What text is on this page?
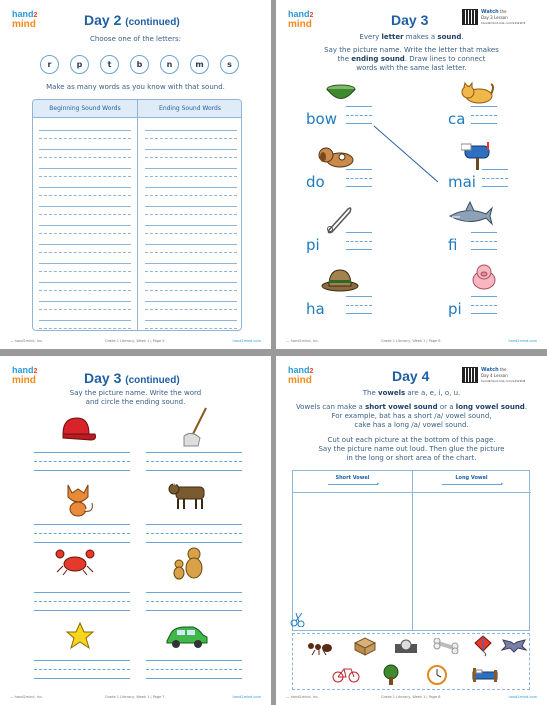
hand2
mind	Day 2 (continued)
Choose one of the letters:
r	p	t	b	n	m	s
Make as many words as you know with that sound.
Beginning Sound Words	Ending Sound Words
— hand2mind, Inc.	Grade 1 Literacy, Week 1 | Page 5	hand2mind.com
hand2
mind	Day 3	Watch the
Day 3 Lesson
hand2mind-link.com/L1W1D3
Every letter makes a sound.
Say the picture name. Write the letter that makes
the ending sound. Draw lines to connect
words with the same last letter.
bow
do
pi
ha
ca
mai
fi
pi
— hand2mind, Inc.	Grade 1 Literacy, Week 1 | Page 6	hand2mind.com
hand2
mind	Day 3 (continued)
Say the picture name. Write the word
and circle the ending sound.
— hand2mind, Inc.	Grade 1 Literacy, Week 1 | Page 7	hand2mind.com
hand2
mind	Day 4	Watch the
Day 4 Lesson
hand2mind-link.com/L1W1D4
The vowels are a, e, i, o, u.
Vowels can make a short vowel sound or a long vowel sound.
For example, bat has a short /a/ vowel sound,
cake has a long /a/ vowel sound.
Cut out each picture at the bottom of this page.
Say the picture name out loud. Then glue the picture
in the long or short area of the chart.
Short Vowel
▸
Long Vowel
▸
— hand2mind, Inc.	Grade 1 Literacy, Week 1 | Page 8	hand2mind.com
